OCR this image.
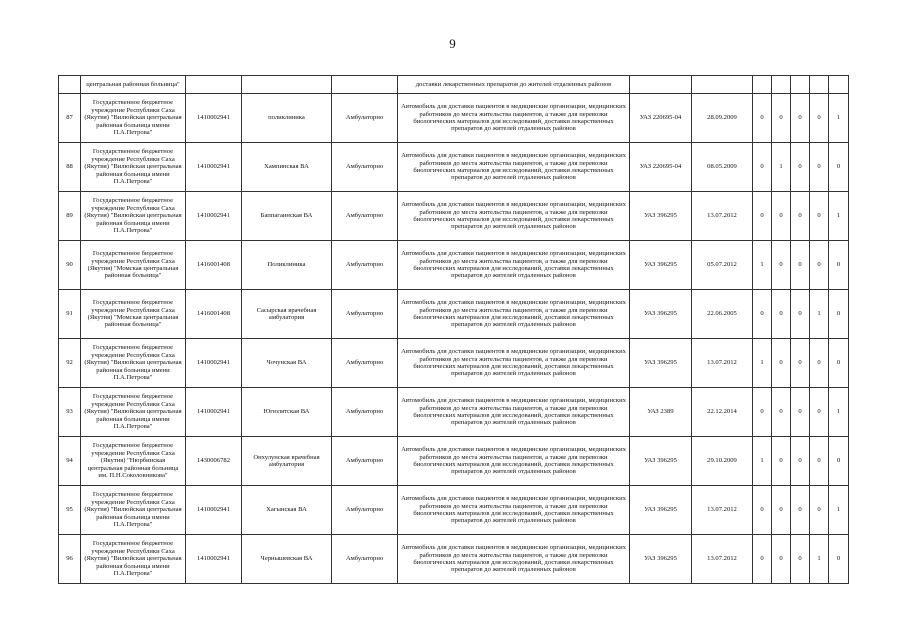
9
	центральная районная больница"				доставки лекарственных препаратов до жителей отдаленных районов							
87	Государственное бюджетное учреждение Республики Саха (Якутия) "Вилюйская центральная районная больница имени П.А.Петрова"	1410002941	поликлиника	Амбулаторно	Автомобиль для доставки пациентов в медицинские организации, медицинских работников до места жительства пациентов, а также для перевозки биологических материалов для исследований, доставки лекарственных препаратов до жителей отдаленных районов	УАЗ 220695-04	28.09.2009	0	0	0	0	1
88	Государственное бюджетное учреждение Республики Саха (Якутия) "Вилюйская центральная районная больница имени П.А.Петрова"	1410002941	Хампинская ВА	Амбулаторно	Автомобиль для доставки пациентов в медицинские организации, медицинских работников до места жительства пациентов, а также для перевозки биологических материалов для исследований, доставки лекарственных препаратов до жителей отдаленных районов	УАЗ 220695-04	08.05.2009	0	1	0	0	0
89	Государственное бюджетное учреждение Республики Саха (Якутия) "Вилюйская центральная районная больница имени П.А.Петрова"	1410002941	Баппагаинская ВА	Амбулаторно	Автомобиль для доставки пациентов в медицинские организации, медицинских работников до места жительства пациентов, а также для перевозки биологических материалов для исследований, доставки лекарственных препаратов до жителей отдаленных районов	УАЗ 396295	13.07.2012	0	0	0	0	1
90	Государственное бюджетное учреждение Республики Саха (Якутия) "Момская центральная районная больница"	1416001408	Поликлиника	Амбулаторно	Автомобиль для доставки пациентов в медицинские организации, медицинских работников до места жительства пациентов, а также для перевозки биологических материалов для исследований, доставки лекарственных препаратов до жителей отдаленных районов	УАЗ 396295	05.07.2012	1	0	0	0	0
91	Государственное бюджетное учреждение Республики Саха (Якутия) "Момская центральная районная больница"	1416001408	Сасырская врачебная амбулатория	Амбулаторно	Автомобиль для доставки пациентов в медицинские организации, медицинских работников до места жительства пациентов, а также для перевозки биологических материалов для исследований, доставки лекарственных препаратов до жителей отдаленных районов	УАЗ 396295	22.06.2005	0	0	0	1	0
92	Государственное бюджетное учреждение Республики Саха (Якутия) "Вилюйская центральная районная больница имени П.А.Петрова"	1410002941	Чочунская ВА	Амбулаторно	Автомобиль для доставки пациентов в медицинские организации, медицинских работников до места жительства пациентов, а также для перевозки биологических материалов для исследований, доставки лекарственных препаратов до жителей отдаленных районов	УАЗ 396295	13.07.2012	1	0	0	0	0
93	Государственное бюджетное учреждение Республики Саха (Якутия) "Вилюйская центральная районная больница имени П.А.Петрова"	1410002941	Югюлятская ВА	Амбулаторно	Автомобиль для доставки пациентов в медицинские организации, медицинских работников до места жительства пациентов, а также для перевозки биологических материалов для исследований, доставки лекарственных препаратов до жителей отдаленных районов	УАЗ 2389	22.12.2014	0	0	0	0	1
94	Государственное бюджетное учреждение Республики Саха (Якутия) "Нюрбинская центральная районная больница им. П.Н.Соколовникова"	1430006782	Онхулунская врачебная амбулатория	Амбулаторно	Автомобиль для доставки пациентов в медицинские организации, медицинских работников до места жительства пациентов, а также для перевозки биологических материалов для исследований, доставки лекарственных препаратов до жителей отдаленных районов	УАЗ 396295	29.10.2009	1	0	0	0	0
95	Государственное бюджетное учреждение Республики Саха (Якутия) "Вилюйская центральная районная больница имени П.А.Петрова"	1410002941	Хагынская ВА	Амбулаторно	Автомобиль для доставки пациентов в медицинские организации, медицинских работников до места жительства пациентов, а также для перевозки биологических материалов для исследований, доставки лекарственных препаратов до жителей отдаленных районов	УАЗ 396295	13.07.2012	0	0	0	0	1
96	Государственное бюджетное учреждение Республики Саха (Якутия) "Вилюйская центральная районная больница имени П.А.Петрова"	1410002941	Чернышевская ВА	Амбулаторно	Автомобиль для доставки пациентов в медицинские организации, медицинских работников до места жительства пациентов, а также для перевозки биологических материалов для исследований, доставки лекарственных препаратов до жителей отдаленных районов	УАЗ 396295	13.07.2012	0	0	0	1	0
